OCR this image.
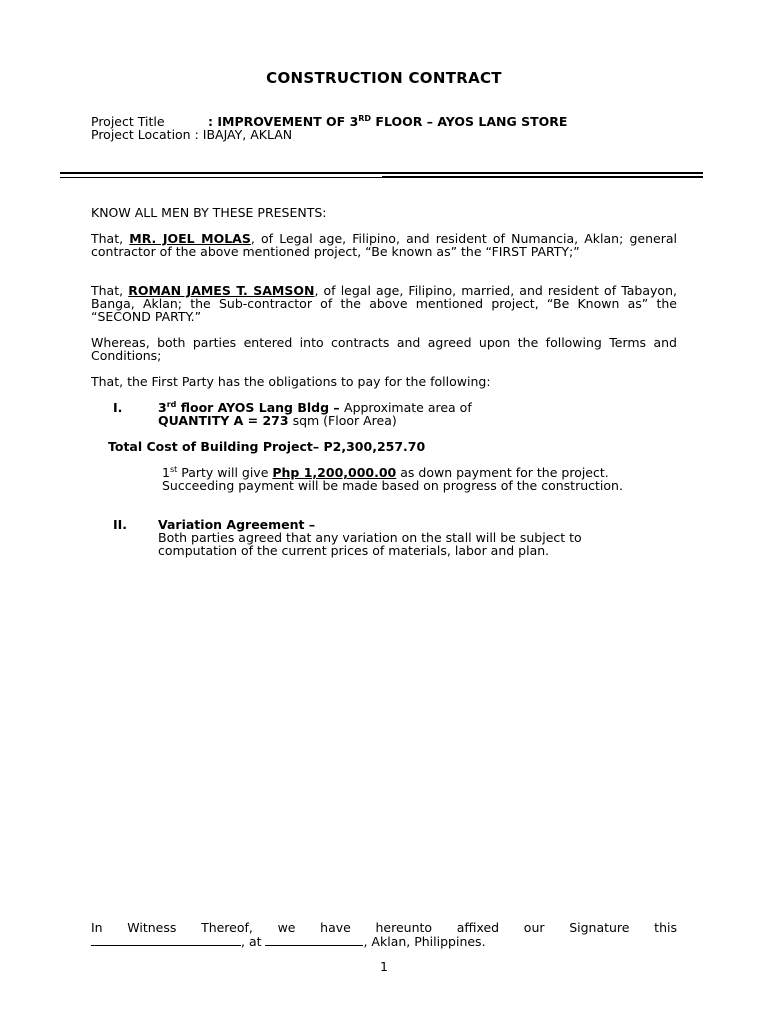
CONSTRUCTION CONTRACT
Project Title	: IMPROVEMENT OF 3RD FLOOR – AYOS LANG STORE
Project Location : IBAJAY, AKLAN
KNOW ALL MEN BY THESE PRESENTS:
That, MR. JOEL MOLAS, of Legal age, Filipino, and resident of Numancia, Aklan; general contractor of the above mentioned project, “Be known as” the “FIRST PARTY;”
That, ROMAN JAMES T. SAMSON, of legal age, Filipino, married, and resident of Tabayon, Banga, Aklan; the Sub-contractor of the above mentioned project, “Be Known as” the “SECOND PARTY.”
Whereas, both parties entered into contracts and agreed upon the following Terms and Conditions;
That, the First Party has the obligations to pay for the following:
I.	3rd floor AYOS Lang Bldg – Approximate area of
QUANTITY A = 273 sqm (Floor Area)
Total Cost of Building Project– P2,300,257.70
1st Party will give Php 1,200,000.00 as down payment for the project.
Succeeding payment will be made based on progress of the construction.
II. Variation Agreement –
Both parties agreed that any variation on the stall will be subject to computation of the current prices of materials, labor and plan.
In Witness Thereof, we have hereunto affixed our Signature this
, at	, Aklan, Philippines.
1
